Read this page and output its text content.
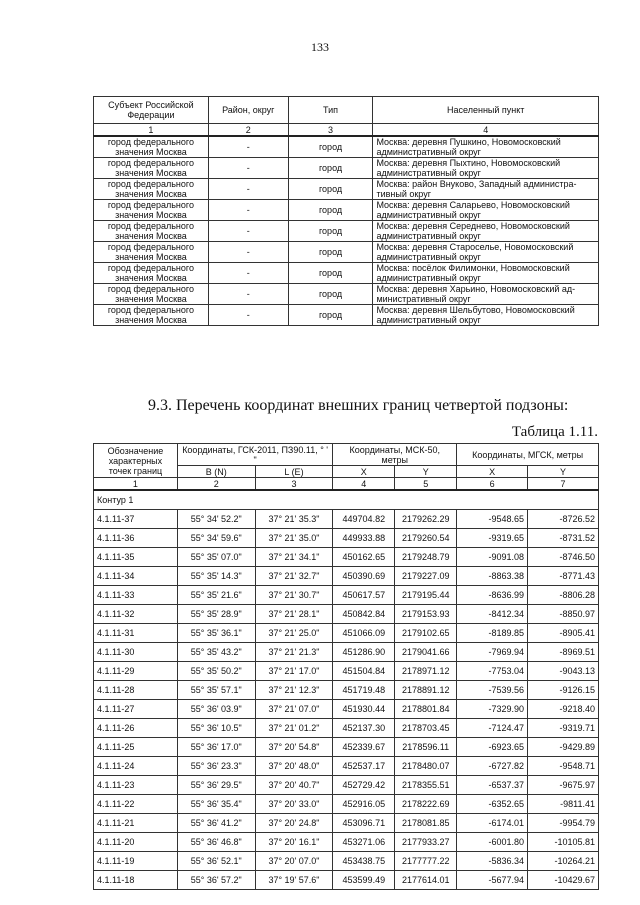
133
Субъект Российской Федерации	Район, округ	Тип	Населенный пункт
1	2	3	4
город федерального значения Москва	-	город	Москва: деревня Пушкино, Новомосковский административный округ
город федерального значения Москва	-	город	Москва: деревня Пыхтино, Новомосковский административный округ
город федерального значения Москва	-	город	Москва: район Внуково, Западный администра-тивный округ
город федерального значения Москва	-	город	Москва: деревня Саларьево, Новомосковский административный округ
город федерального значения Москва	-	город	Москва: деревня Середнево, Новомосковский административный округ
город федерального значения Москва	-	город	Москва: деревня Староселье, Новомосковский административный округ
город федерального значения Москва	-	город	Москва: посёлок Филимонки, Новомосковский административный округ
город федерального значения Москва	-	город	Москва: деревня Харьино, Новомосковский ад-министративный округ
город федерального значения Москва	-	город	Москва: деревня Шельбутово, Новомосковский административный округ
9.3. Перечень координат внешних границ четвертой подзоны:
Таблица 1.11.
Обозначение характерных точек границ	Координаты, ГСК-2011, ПЗ90.11, ° ' "		Координаты, МСК-50, метры		Координаты, МГСК, метры	
	B (N)	L (E)	X	Y	X	Y
1	2	3	4	5	6	7
Контур 1						
4.1.11-37	55° 34' 52.2"	37° 21' 35.3"	449704.82	2179262.29	-9548.65	-8726.52
4.1.11-36	55° 34' 59.6"	37° 21' 35.0"	449933.88	2179260.54	-9319.65	-8731.52
4.1.11-35	55° 35' 07.0"	37° 21' 34.1"	450162.65	2179248.79	-9091.08	-8746.50
4.1.11-34	55° 35' 14.3"	37° 21' 32.7"	450390.69	2179227.09	-8863.38	-8771.43
4.1.11-33	55° 35' 21.6"	37° 21' 30.7"	450617.57	2179195.44	-8636.99	-8806.28
4.1.11-32	55° 35' 28.9"	37° 21' 28.1"	450842.84	2179153.93	-8412.34	-8850.97
4.1.11-31	55° 35' 36.1"	37° 21' 25.0"	451066.09	2179102.65	-8189.85	-8905.41
4.1.11-30	55° 35' 43.2"	37° 21' 21.3"	451286.90	2179041.66	-7969.94	-8969.51
4.1.11-29	55° 35' 50.2"	37° 21' 17.0"	451504.84	2178971.12	-7753.04	-9043.13
4.1.11-28	55° 35' 57.1"	37° 21' 12.3"	451719.48	2178891.12	-7539.56	-9126.15
4.1.11-27	55° 36' 03.9"	37° 21' 07.0"	451930.44	2178801.84	-7329.90	-9218.40
4.1.11-26	55° 36' 10.5"	37° 21' 01.2"	452137.30	2178703.45	-7124.47	-9319.71
4.1.11-25	55° 36' 17.0"	37° 20' 54.8"	452339.67	2178596.11	-6923.65	-9429.89
4.1.11-24	55° 36' 23.3"	37° 20' 48.0"	452537.17	2178480.07	-6727.82	-9548.71
4.1.11-23	55° 36' 29.5"	37° 20' 40.7"	452729.42	2178355.51	-6537.37	-9675.97
4.1.11-22	55° 36' 35.4"	37° 20' 33.0"	452916.05	2178222.69	-6352.65	-9811.41
4.1.11-21	55° 36' 41.2"	37° 20' 24.8"	453096.71	2178081.85	-6174.01	-9954.79
4.1.11-20	55° 36' 46.8"	37° 20' 16.1"	453271.06	2177933.27	-6001.80	-10105.81
4.1.11-19	55° 36' 52.1"	37° 20' 07.0"	453438.75	2177777.22	-5836.34	-10264.21
4.1.11-18	55° 36' 57.2"	37° 19' 57.6"	453599.49	2177614.01	-5677.94	-10429.67
